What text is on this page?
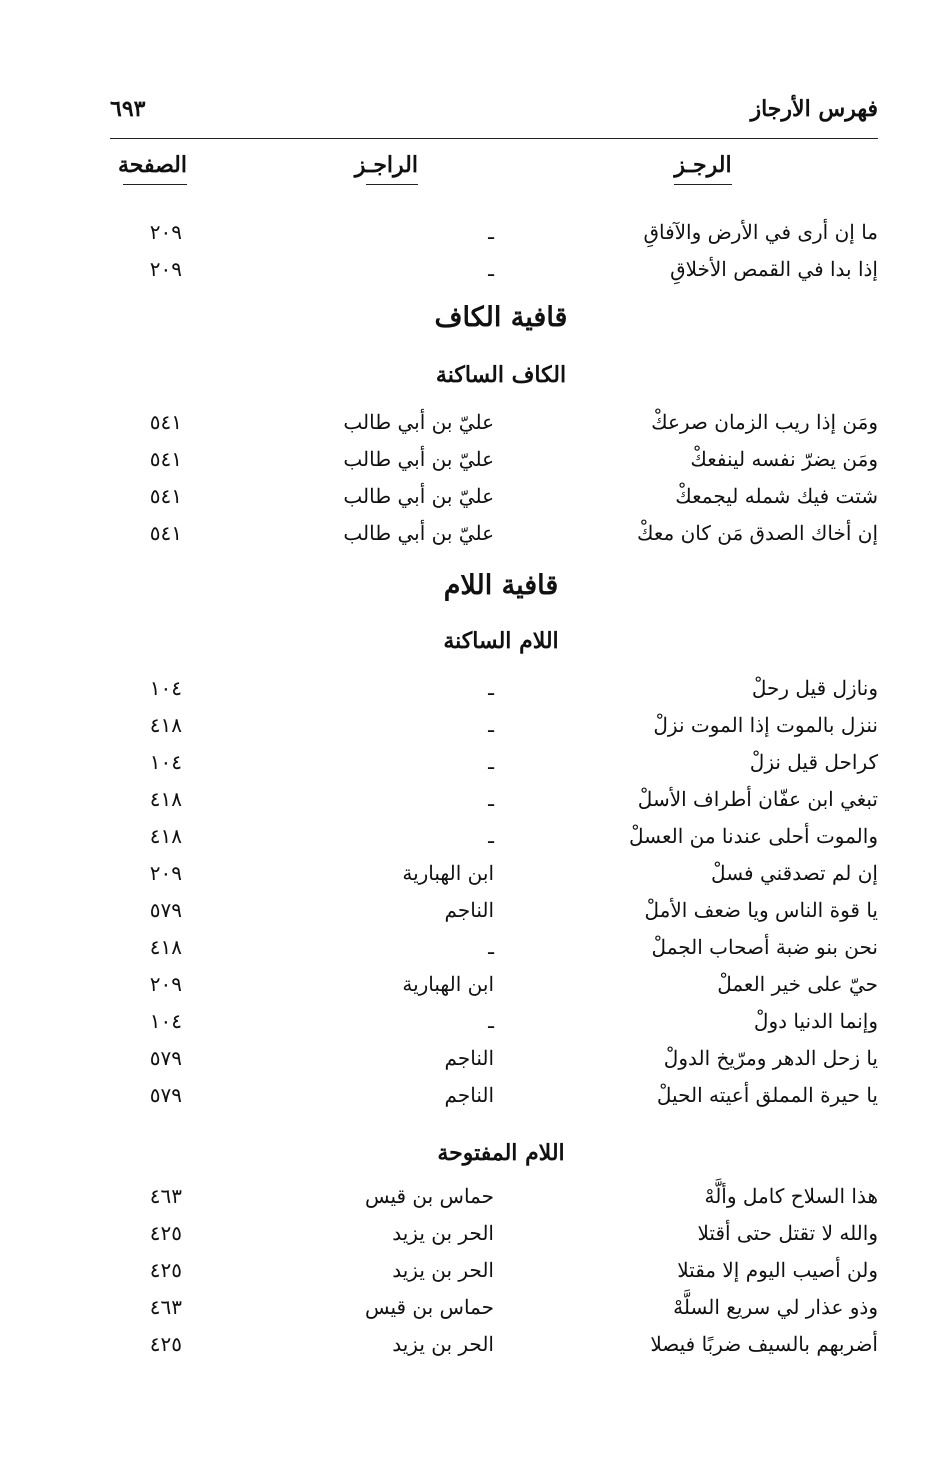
فهرس الأرجاز
٦٩٣
الرجـز
الراجـز
الصفحة
ما إن أرى في الأرض والآفاقِ
ـ
٢٠٩
إذا بدا في القمص الأخلاقِ
ـ
٢٠٩
قافية الكاف
الكاف الساكنة
ومَن إذا ريب الزمان صرعكْ
عليّ بن أبي طالب
٥٤١
ومَن يضرّ نفسه لينفعكْ
عليّ بن أبي طالب
٥٤١
شتت فيك شمله ليجمعكْ
عليّ بن أبي طالب
٥٤١
إن أخاك الصدق مَن كان معكْ
عليّ بن أبي طالب
٥٤١
قافية اللام
اللام الساكنة
ونازل قيل رحلْ
ـ
١٠٤
ننزل بالموت إذا الموت نزلْ
ـ
٤١٨
كراحل قيل نزلْ
ـ
١٠٤
تبغي ابن عفّان أطراف الأسلْ
ـ
٤١٨
والموت أحلى عندنا من العسلْ
ـ
٤١٨
إن لم تصدقني فسلْ
ابن الهبارية
٢٠٩
يا قوة الناس ويا ضعف الأملْ
الناجم
٥٧٩
نحن بنو ضبة أصحاب الجملْ
ـ
٤١٨
حيّ على خير العملْ
ابن الهبارية
٢٠٩
وإنما الدنيا دولْ
ـ
١٠٤
يا زحل الدهر ومرّيخ الدولْ
الناجم
٥٧٩
يا حيرة المملق أعيته الحيلْ
الناجم
٥٧٩
اللام المفتوحة
هذا السلاح كامل وألَّهْ
حماس بن قيس
٤٦٣
والله لا تقتل حتى أقتلا
الحر بن يزيد
٤٢٥
ولن أصيب اليوم إلا مقتلا
الحر بن يزيد
٤٢٥
وذو عذار لي سريع السلَّهْ
حماس بن قيس
٤٦٣
أضربهم بالسيف ضربًا فيصلا
الحر بن يزيد
٤٢٥
